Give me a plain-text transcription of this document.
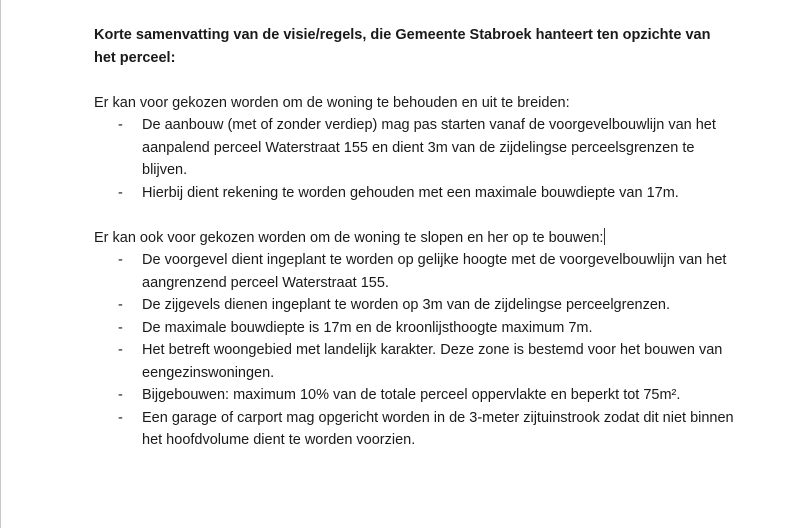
Korte samenvatting van de visie/regels, die Gemeente Stabroek hanteert ten opzichte van het perceel:

Er kan voor gekozen worden om de woning te behouden en uit te breiden:

- De aanbouw (met of zonder verdiep) mag pas starten vanaf de voorgevelbouwlijn van het aanpalend perceel Waterstraat 155 en dient 3m van de zijdelingse perceelsgrenzen te blijven.
- Hierbij dient rekening te worden gehouden met een maximale bouwdiepte van 17m.

Er kan ook voor gekozen worden om de woning te slopen en her op te bouwen:

- De voorgevel dient ingeplant te worden op gelijke hoogte met de voorgevelbouwlijn van het aangrenzend perceel Waterstraat 155.
- De zijgevels dienen ingeplant te worden op 3m van de zijdelingse perceelgrenzen.
- De maximale bouwdiepte is 17m en de kroonlijsthoogte maximum 7m.
- Het betreft woongebied met landelijk karakter. Deze zone is bestemd voor het bouwen van eengezinswoningen.
- Bijgebouwen: maximum 10% van de totale perceel oppervlakte en beperkt tot 75m².
- Een garage of carport mag opgericht worden in de 3-meter zijtuinstrook zodat dit niet binnen het hoofdvolume dient te worden voorzien.
